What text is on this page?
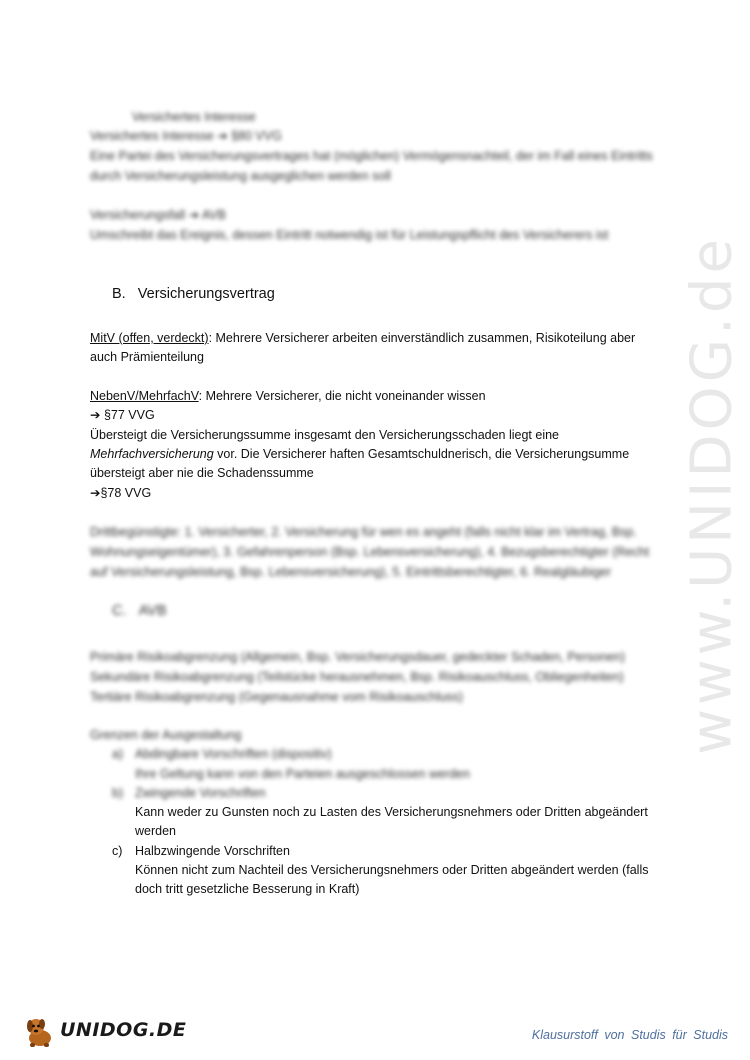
www.UNIDOG.de
Versichertes Interesse
Versichertes Interesse ➔ §80 VVG
Eine Partei des Versicherungsvertrages hat (möglichen) Vermögensnachteil, der im Fall eines Eintritts
durch Versicherungsleistung ausgeglichen werden soll
Versicherungsfall ➔ AVB
Umschreibt das Ereignis, dessen Eintritt notwendig ist für Leistungspflicht des Versicherers ist
B.   Versicherungsvertrag
MitV (offen, verdeckt): Mehrere Versicherer arbeiten einverständlich zusammen, Risikoteilung aber
auch Prämienteilung
NebenV/MehrfachV: Mehrere Versicherer, die nicht voneinander wissen
➔ §77 VVG
Übersteigt die Versicherungssumme insgesamt den Versicherungsschaden liegt eine
Mehrfachversicherung vor. Die Versicherer haften Gesamtschuldnerisch, die Versicherungsumme
übersteigt aber nie die Schadenssumme
➔§78 VVG
Drittbegünstigte: 1. Versicherter, 2. Versicherung für wen es angeht (falls nicht klar im Vertrag, Bsp.
Wohnungseigentümer), 3. Gefahrenperson (Bsp. Lebensversicherung), 4. Bezugsberechtigter (Recht
auf Versicherungsleistung, Bsp. Lebensversicherung), 5. Eintrittsberechtigter, 6. Realgläubiger
C.   AVB
Primäre Risikoabgrenzung (Allgemein, Bsp. Versicherungsdauer, gedeckter Schaden, Personen)
Sekundäre Risikoabgrenzung (Teilstücke herausnehmen, Bsp. Risikoauschluss, Obliegenheiten)
Tertiäre Risikoabgrenzung (Gegenausnahme vom Risikoauschluss)
Grenzen der Ausgestaltung
a) Abdingbare Vorschriften (dispositiv)
Ihre Geltung kann von den Parteien ausgeschlossen werden
b) Zwingende Vorschriften
Kann weder zu Gunsten noch zu Lasten des Versicherungsnehmers oder Dritten abgeändert
werden
c) Halbzwingende Vorschriften
Können nicht zum Nachteil des Versicherungsnehmers oder Dritten abgeändert werden (falls
doch tritt gesetzliche Besserung in Kraft)
UNIDOG.DE	Klausurstoff von Studis für Studis
